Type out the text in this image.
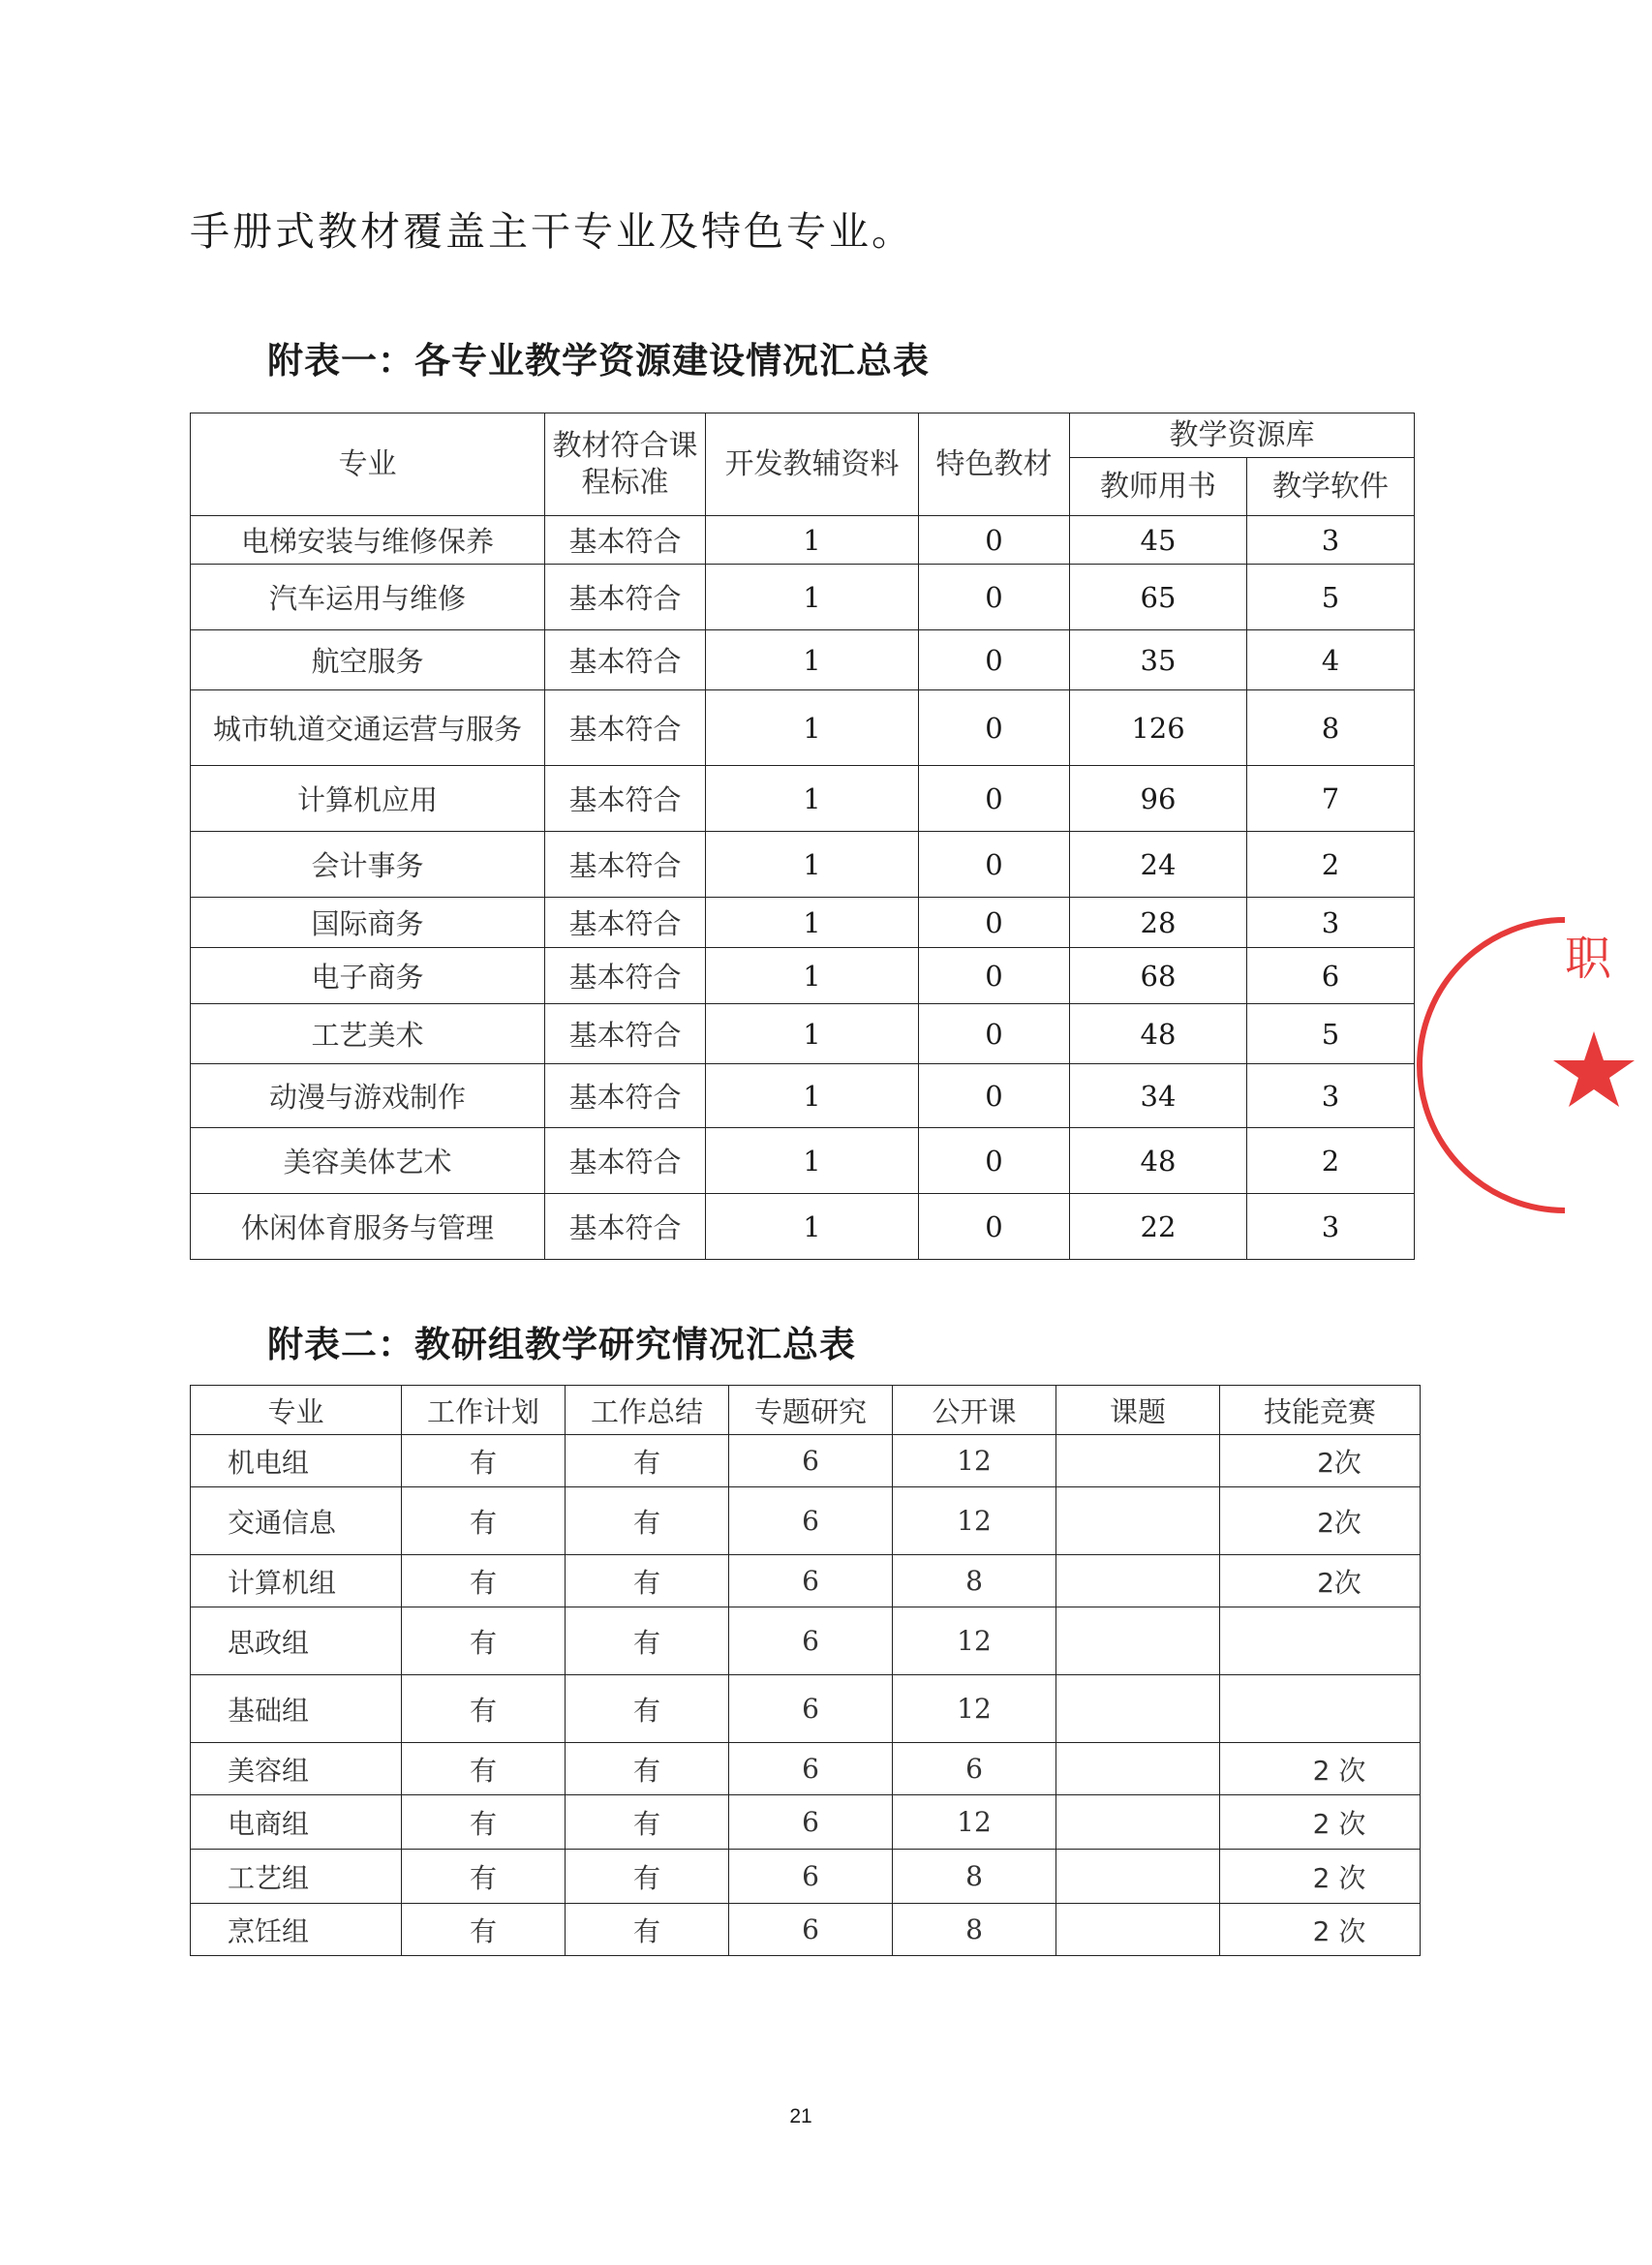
手册式教材覆盖主干专业及特色专业。
附表一：各专业教学资源建设情况汇总表
专业	教材符合课程标准	开发教辅资料	特色教材	教学资源库	
				教师用书	教学软件
电梯安装与维修保养	基本符合	1	0	45	3
汽车运用与维修	基本符合	1	0	65	5
航空服务	基本符合	1	0	35	4
城市轨道交通运营与服务	基本符合	1	0	126	8
计算机应用	基本符合	1	0	96	7
会计事务	基本符合	1	0	24	2
国际商务	基本符合	1	0	28	3
电子商务	基本符合	1	0	68	6
工艺美术	基本符合	1	0	48	5
动漫与游戏制作	基本符合	1	0	34	3
美容美体艺术	基本符合	1	0	48	2
休闲体育服务与管理	基本符合	1	0	22	3
附表二：教研组教学研究情况汇总表
专业	工作计划	工作总结	专题研究	公开课	课题	技能竞赛
机电组	有	有	6	12		2次
交通信息	有	有	6	12		2次
计算机组	有	有	6	8		2次
思政组	有	有	6	12		
基础组	有	有	6	12		
美容组	有	有	6	6		2 次
电商组	有	有	6	12		2 次
工艺组	有	有	6	8		2 次
烹饪组	有	有	6	8		2 次
职
21
